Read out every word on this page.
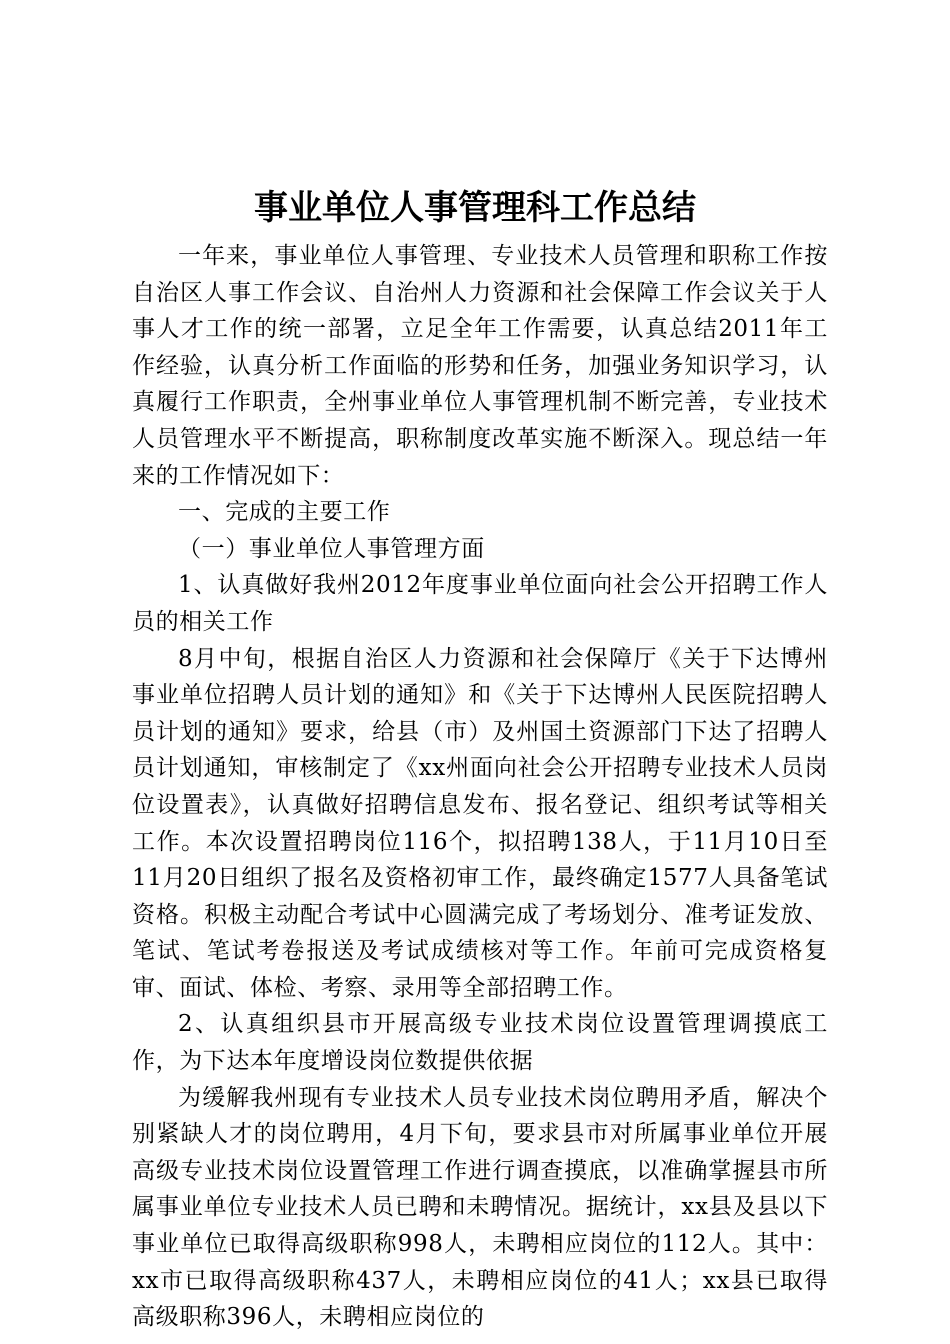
事业单位人事管理科工作总结

一年来，事业单位人事管理、专业技术人员管理和职称工作按自治区人事工作会议、自治州人力资源和社会保障工作会议关于人事人才工作的统一部署，立足全年工作需要，认真总结2011年工作经验，认真分析工作面临的形势和任务，加强业务知识学习，认真履行工作职责，全州事业单位人事管理机制不断完善，专业技术人员管理水平不断提高，职称制度改革实施不断深入。现总结一年来的工作情况如下：

一、完成的主要工作

（一）事业单位人事管理方面

1、认真做好我州2012年度事业单位面向社会公开招聘工作人员的相关工作

8月中旬，根据自治区人力资源和社会保障厅《关于下达博州事业单位招聘人员计划的通知》和《关于下达博州人民医院招聘人员计划的通知》要求，给县（市）及州国土资源部门下达了招聘人员计划通知，审核制定了《xx州面向社会公开招聘专业技术人员岗位设置表》，认真做好招聘信息发布、报名登记、组织考试等相关工作。本次设置招聘岗位116个，拟招聘138人，于11月10日至11月20日组织了报名及资格初审工作，最终确定1577人具备笔试资格。积极主动配合考试中心圆满完成了考场划分、准考证发放、笔试、笔试考卷报送及考试成绩核对等工作。年前可完成资格复审、面试、体检、考察、录用等全部招聘工作。

2、认真组织县市开展高级专业技术岗位设置管理调摸底工作，为下达本年度增设岗位数提供依据

为缓解我州现有专业技术人员专业技术岗位聘用矛盾，解决个别紧缺人才的岗位聘用，4月下旬，要求县市对所属事业单位开展高级专业技术岗位设置管理工作进行调查摸底，以准确掌握县市所属事业单位专业技术人员已聘和未聘情况。据统计，xx县及县以下事业单位已取得高级职称998人，未聘相应岗位的112人。其中：xx市已取得高级职称437人，未聘相应岗位的41人；xx县已取得高级职称396人，未聘相应岗位的
